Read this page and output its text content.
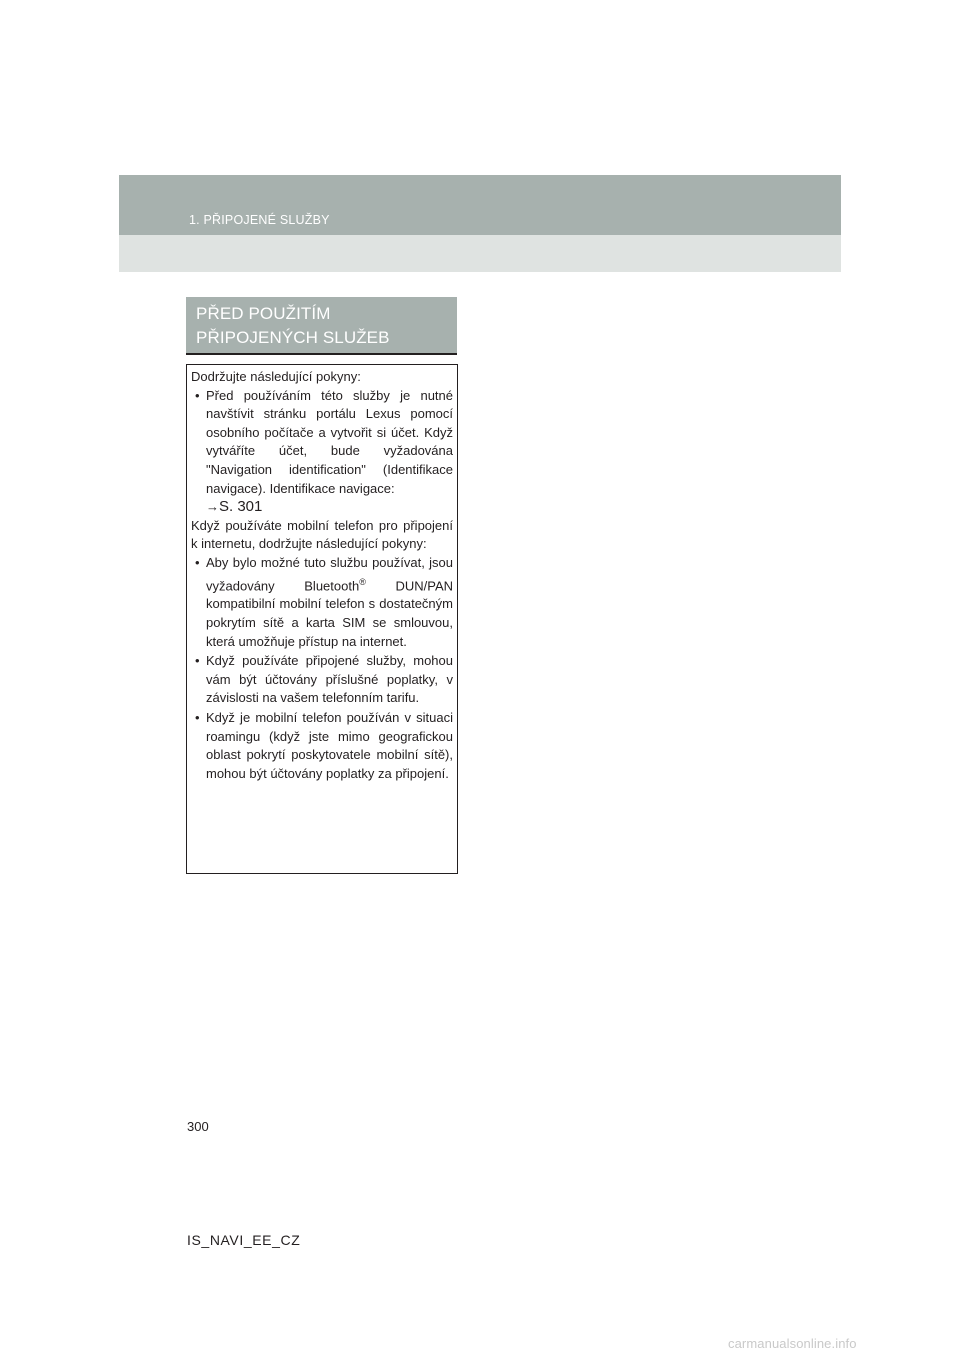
1. PŘIPOJENÉ SLUŽBY
PŘED POUŽITÍM PŘIPOJENÝCH SLUŽEB

Dodržujte následující pokyny:

• Před používáním této služby je nutné navštívit stránku portálu Lexus pomocí osobního počítače a vytvořit si účet. Když vytváříte účet, bude vyžadována "Navigation identification" (Identifikace navigace). Identifikace navigace:
→S. 301

Když používáte mobilní telefon pro připojení k internetu, dodržujte následující pokyny:

• Aby bylo možné tuto službu používat, jsou vyžadovány Bluetooth® DUN/PAN kompatibilní mobilní telefon s dostatečným pokrytím sítě a karta SIM se smlouvou, která umožňuje přístup na internet.
• Když používáte připojené služby, mohou vám být účtovány příslušné poplatky, v závislosti na vašem telefonním tarifu.
• Když je mobilní telefon používán v situaci roamingu (když jste mimo geografickou oblast pokrytí poskytovatele mobilní sítě), mohou být účtovány poplatky za připojení.
300
IS_NAVI_EE_CZ
carmanualsonline.info
